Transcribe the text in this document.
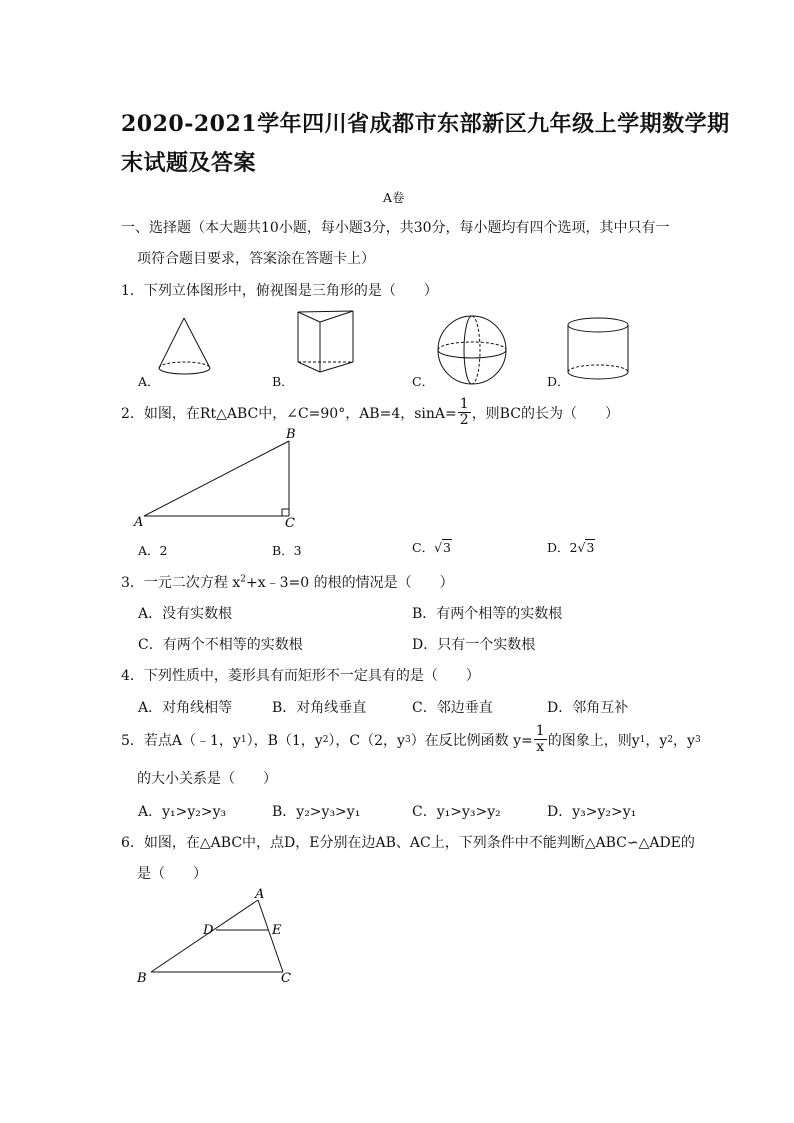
2020-2021学年四川省成都市东部新区九年级上学期数学期
末试题及答案
A卷
一、选择题（本大题共10小题，每小题3分，共30分，每小题均有四个选项，其中只有一
项符合题目要求，答案涂在答题卡上）
1．下列立体图形中，俯视图是三角形的是（　　）
A．	B．	C．	D．
2．如图，在Rt△ABC中，∠C=90°，AB=4，$\sin A= \frac{1}{2}$ ，则BC的长为（　　）
A
B
C
A．2	B．3	C． √3	D．2 √3
3．一元二次方程 $x^2+x﹣3=0$ 的根的情况是（　　）
A．没有实数根	B．有两个相等的实数根
C．有两个不相等的实数根	D．只有一个实数根
4．下列性质中，菱形具有而矩形不一定具有的是（　　）
A．对角线相等	B．对角线垂直	C．邻边垂直	D．邻角互补
5．若点A（﹣1，y 1 ），B（1，y 2 ），C（2，y 3 ）在反比例函数 $y= \frac{1}{x}$ 的图象上，则y 1 ，y 2 ，y 3
的大小关系是（　　）
A．y₁>y₂>y₃	B．y₂>y₃>y₁	C．y₁>y₃>y₂	D．y₃>y₂>y₁
6．如图，在△ABC中，点D，E分别在边AB、AC上，下列条件中不能判断△ABC∽△ADE的
是（　　）
A
B	C
D	E
